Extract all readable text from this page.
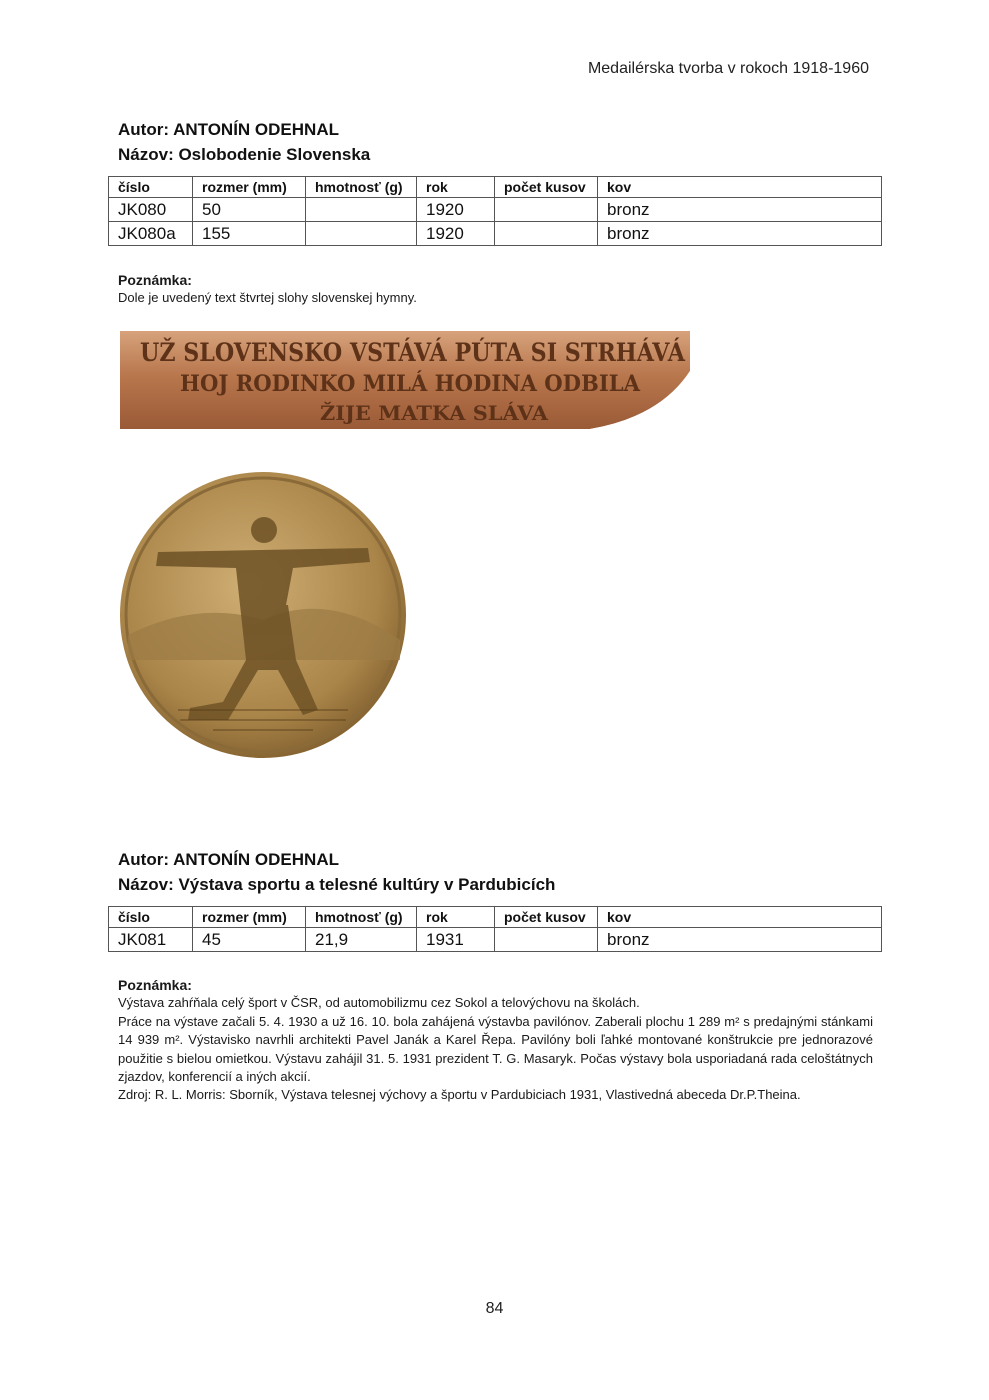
Medailérska tvorba v rokoch 1918-1960
Autor: ANTONÍN ODEHNAL
Názov: Oslobodenie Slovenska
číslo	rozmer (mm)	hmotnosť (g)	rok	počet kusov	kov
JK080	50		1920		bronz
JK080a	155		1920		bronz
Poznámka:

Dole je uvedený text štvrtej slohy slovenskej hymny.

UŽ SLOVENSKO VSTÁVÁ PÚTA SI STRHÁVÁ
HOJ RODINKO MILÁ HODINA ODBILA
ŽIJE MATKA SLÁVA
Autor: ANTONÍN ODEHNAL
Názov: Výstava sportu a telesné kultúry v Pardubicích
číslo	rozmer (mm)	hmotnosť (g)	rok	počet kusov	kov
JK081	45	21,9	1931		bronz
Poznámka:

Výstava zahŕňala celý šport v ČSR, od automobilizmu cez Sokol a telovýchovu na školách.

Práce na výstave začali 5. 4. 1930 a už 16. 10. bola zahájená výstavba pavilónov. Zaberali plochu 1 289 m² s predajnými stánkami 14 939 m². Výstavisko navrhli architekti Pavel Janák a Karel Řepa. Pavilóny boli ľahké montované konštrukcie pre jednorazové použitie s bielou omietkou. Výstavu zahájil 31. 5. 1931 prezident T. G. Masaryk. Počas výstavy bola usporiadaná rada celoštátnych zjazdov, konferencií a iných akcií.

Zdroj: R. L. Morris: Sborník, Výstava telesnej výchovy a športu v Pardubiciach 1931, Vlastivedná abeceda Dr.P.Theina.

84
